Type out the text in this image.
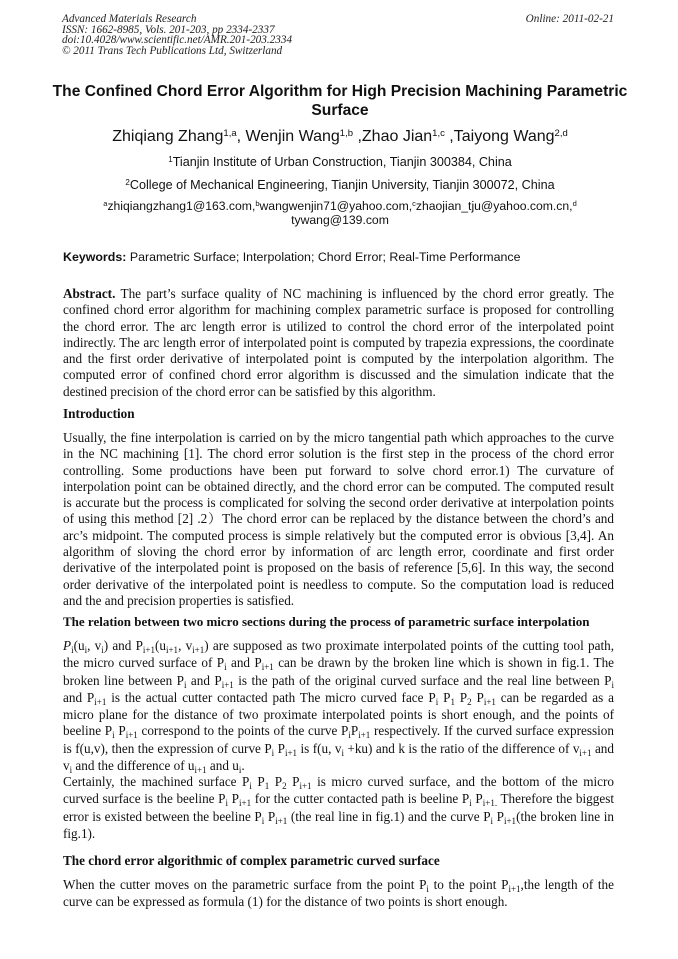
Advanced Materials Research
ISSN: 1662-8985, Vols. 201-203, pp 2334-2337
doi:10.4028/www.scientific.net/AMR.201-203.2334
© 2011 Trans Tech Publications Ltd, Switzerland
Online: 2011-02-21
The Confined Chord Error Algorithm for High Precision Machining Parametric Surface
Zhiqiang Zhang$^{1,a}$, Wenjin Wang$^{1,b}$ ,Zhao Jian$^{1,c}$ ,Taiyong Wang$^{2,d}$
$^1$Tianjin Institute of Urban Construction, Tianjin 300384, China
$^2$College of Mechanical Engineering, Tianjin University, Tianjin 300072, China
$^a$zhiqiangzhang1@163.com,$^b$wangwenjin71@yahoo.com,$^c$zhaojian_tju@yahoo.com.cn,$^d$
tywang@139.com
Keywords: Parametric Surface; Interpolation; Chord Error; Real-Time Performance
Abstract. The part’s surface quality of NC machining is influenced by the chord error greatly. The confined chord error algorithm for machining complex parametric surface is proposed for controlling the chord error. The arc length error is utilized to control the chord error of the interpolated point indirectly. The arc length error of interpolated point is computed by trapezia expressions, the coordinate and the first order derivative of interpolated point is computed by the interpolation algorithm. The computed error of confined chord error algorithm is discussed and the simulation indicate that the destined precision of the chord error can be satisfied by this algorithm.
Introduction
Usually, the fine interpolation is carried on by the micro tangential path which approaches to the curve in the NC machining [1]. The chord error solution is the first step in the process of the chord error controlling. Some productions have been put forward to solve chord error.1) The curvature of interpolation point can be obtained directly, and the chord error can be computed. The computed result is accurate but the process is complicated for solving the second order derivative at interpolation points of using this method [2] .2）The chord error can be replaced by the distance between the chord’s and arc’s midpoint. The computed process is simple relatively but the computed error is obvious [3,4]. An algorithm of sloving the chord error by information of arc length error, coordinate and first order derivative of the interpolated point is proposed on the basis of reference [5,6]. In this way, the second order derivative of the interpolated point is needless to compute. So the computation load is reduced and the and precision properties is satisfied.
The relation between two micro sections during the process of parametric surface interpolation
$P_i(u_i$, $v_i$) and $P_{i+1}(u_{i+1}$, $v_{i+1}$) are supposed as two proximate interpolated points of the cutting tool path, the micro curved surface of $P_i$ and $P_{i+1}$ can be drawn by the broken line which is shown in fig.1. The broken line between $P_i$ and $P_{i+1}$ is the path of the original curved surface and the real line between $P_i$ and $P_{i+1}$ is the actual cutter contacted path The micro curved face $P_i$ $P_1$ $P_2$ $P_{i+1}$ can be regarded as a micro plane for the distance of two proximate interpolated points is short enough, and the points of beeline $P_i$ $P_{i+1}$ correspond to the points of the curve $P_iP_{i+1}$ respectively. If the curved surface expression is f(u,v), then the expression of curve $P_i$ $P_{i+1}$ is f(u, $v_i +ku$) and k is the ratio of the difference of $v_{i+1}$ and $v_i$ and the difference of $u_{i+1}$ and $u_i$.
Certainly, the machined surface $P_i$ $P_1$ $P_2$ $P_{i+1}$ is micro curved surface, and the bottom of the micro curved surface is the beeline $P_i$ $P_{i+1}$ for the cutter contacted path is beeline $P_i$ $P_{i+1.}$ Therefore the biggest error is existed between the beeline $P_i$ $P_{i+1}$ (the real line in fig.1) and the curve $P_i$ $P_{i+1}(the$ broken line in fig.1).
The chord error algorithmic of complex parametric curved surface
When the cutter moves on the parametric surface from the point $P_i$ to the point $P_{i+1},the$ length of the curve can be expressed as formula (1) for the distance of two points is short enough.
